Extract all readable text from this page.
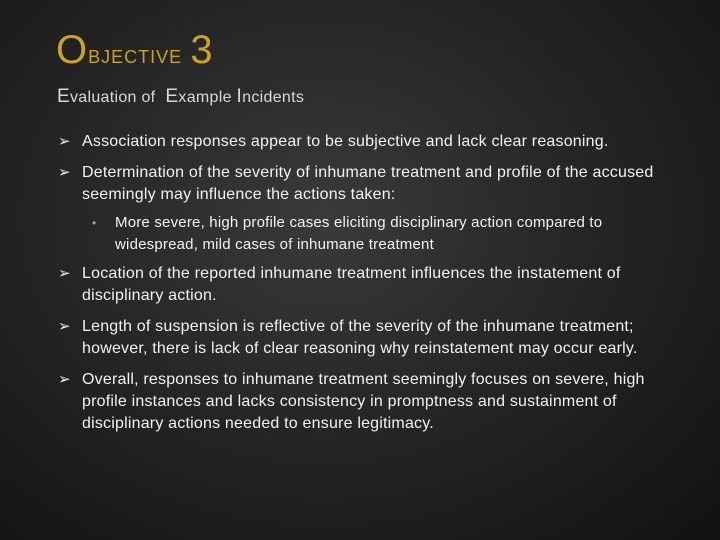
Objective 3
Evaluation of Example Incidents
➢ Association responses appear to be subjective and lack clear reasoning.
➢ Determination of the severity of inhumane treatment and profile of the accused seemingly may influence the actions taken:
• More severe, high profile cases eliciting disciplinary action compared to widespread, mild cases of inhumane treatment
➢ Location of the reported inhumane treatment influences the instatement of disciplinary action.
➢ Length of suspension is reflective of the severity of the inhumane treatment; however, there is lack of clear reasoning why reinstatement may occur early.
➢ Overall, responses to inhumane treatment seemingly focuses on severe, high profile instances and lacks consistency in promptness and sustainment of disciplinary actions needed to ensure legitimacy.
